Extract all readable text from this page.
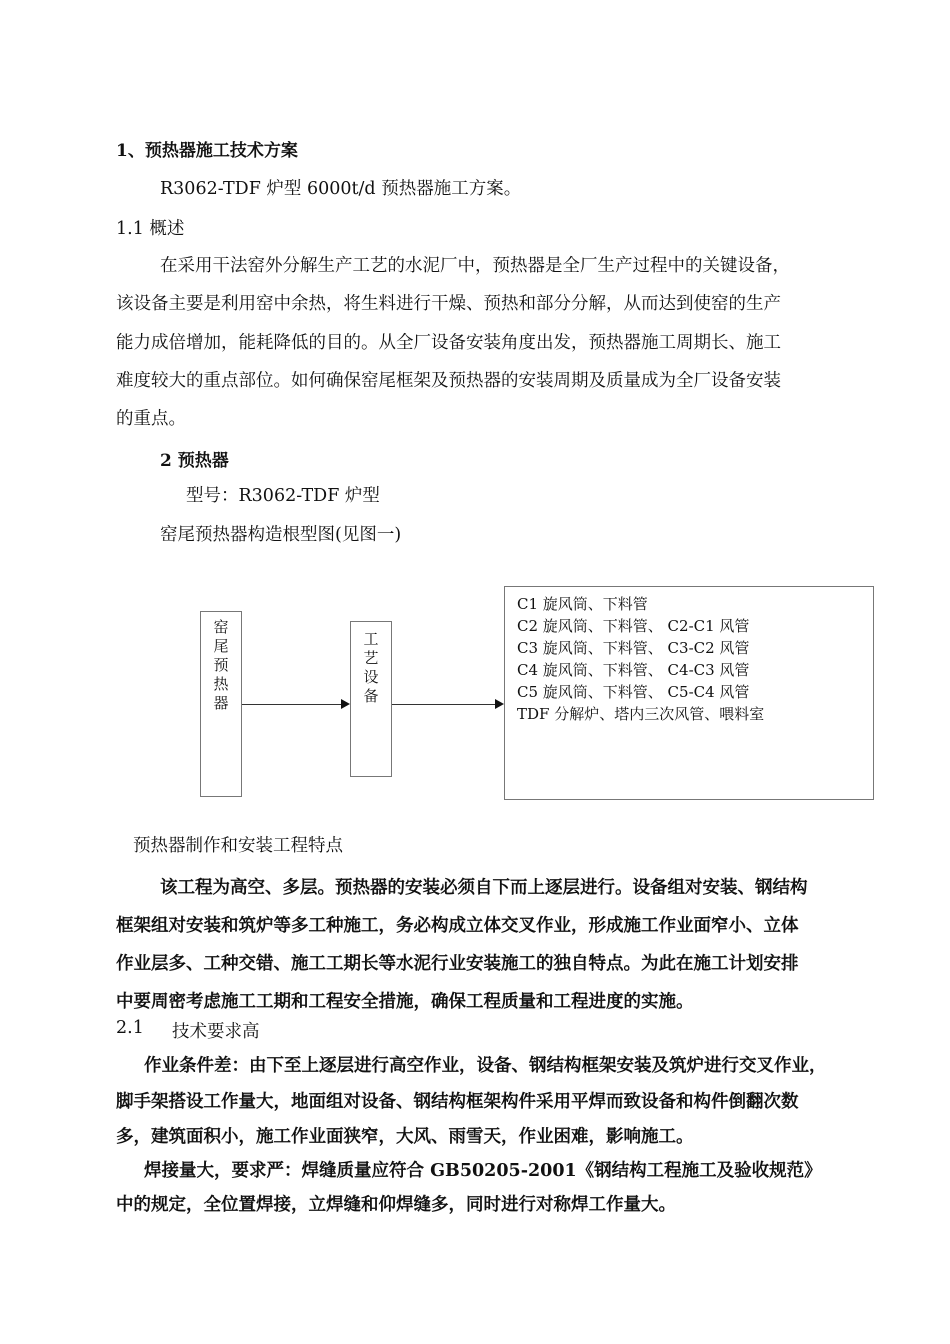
1、预热器施工技术方案
R3062-TDF 炉型 6000t/d 预热器施工方案。
1.1 概述
在采用干法窑外分解生产工艺的水泥厂中，预热器是全厂生产过程中的关键设备，
该设备主要是利用窑中余热，将生料进行干燥、预热和部分分解，从而达到使窑的生产
能力成倍增加，能耗降低的目的。从全厂设备安装角度出发，预热器施工周期长、施工
难度较大的重点部位。如何确保窑尾框架及预热器的安装周期及质量成为全厂设备安装
的重点。
2 预热器
型号：R3062-TDF 炉型
窑尾预热器构造根型图(见图一)
窑尾预热器
工艺设备
C1 旋风筒、下料管
C2 旋风筒、下料管、 C2-C1 风管
C3 旋风筒、下料管、 C3-C2 风管
C4 旋风筒、下料管、 C4-C3 风管
C5 旋风筒、下料管、 C5-C4 风管
TDF 分解炉、塔内三次风管、喂料室
预热器制作和安装工程特点
该工程为高空、多层。预热器的安装必须自下而上逐层进行。设备组对安装、钢结构
框架组对安装和筑炉等多工种施工，务必构成立体交叉作业，形成施工作业面窄小、立体
作业层多、工种交错、施工工期长等水泥行业安装施工的独自特点。为此在施工计划安排
中要周密考虑施工工期和工程安全措施，确保工程质量和工程进度的实施。
2.1 技术要求高
作业条件差：由下至上逐层进行高空作业，设备、钢结构框架安装及筑炉进行交叉作业，
脚手架搭设工作量大，地面组对设备、钢结构框架构件采用平焊而致设备和构件倒翻次数
多，建筑面积小，施工作业面狭窄，大风、雨雪天，作业困难，影响施工。
焊接量大，要求严：焊缝质量应符合 GB50205-2001《钢结构工程施工及验收规范》
中的规定，全位置焊接，立焊缝和仰焊缝多，同时进行对称焊工作量大。
